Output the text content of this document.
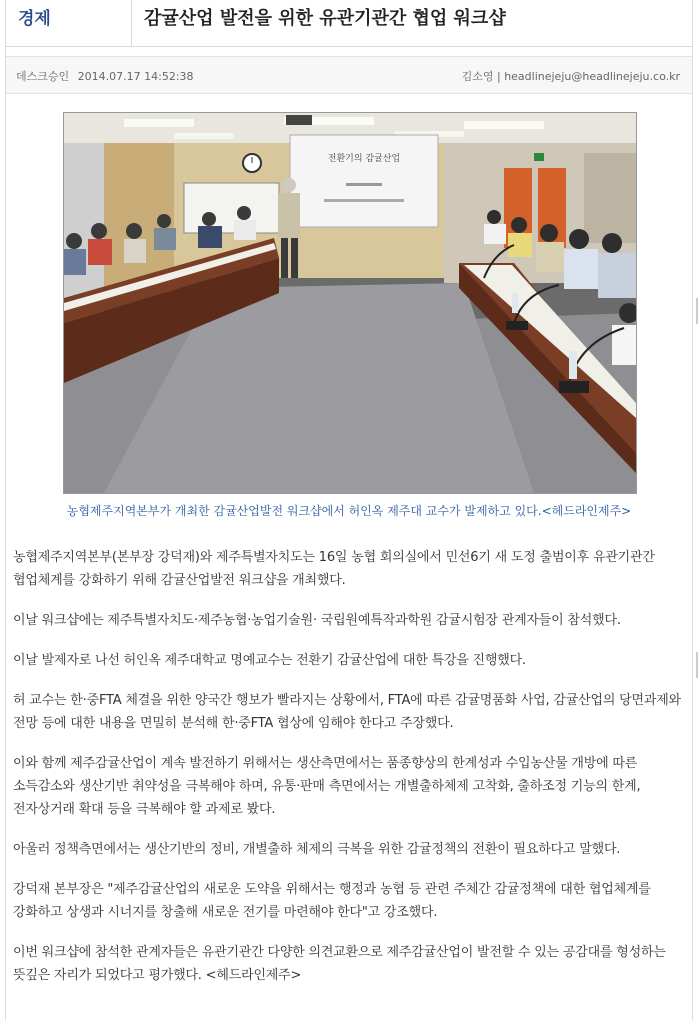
경제	감귤산업 발전을 위한 유관기관간 협업 워크샵
데스크승인 2014.07.17 14:52:38	김소영 | headlinejeju@headlinejeju.co.kr
전환기의 감귤산업
농협제주지역본부가 개최한 감귤산업발전 워크샵에서 허인옥 제주대 교수가 발제하고 있다.<헤드라인제주>

농협제주지역본부(본부장 강덕재)와 제주특별자치도는 16일 농협 회의실에서 민선6기 새 도정 출범이후 유관기관간 협업체계를 강화하기 위해 감귤산업발전 워크샵을 개최했다.

이날 워크샵에는 제주특별자치도·제주농협·농업기술원· 국립원예특작과학원 감귤시험장 관계자들이 참석했다.

이날 발제자로 나선 허인옥 제주대학교 명예교수는 전환기 감귤산업에 대한 특강을 진행했다.

허 교수는 한·중FTA 체결을 위한 양국간 행보가 빨라지는 상황에서, FTA에 따른 감귤명품화 사업, 감귤산업의 당면과제와 전망 등에 대한 내용을 면밀히 분석해 한·중FTA 협상에 임해야 한다고 주장했다.

이와 함께 제주감귤산업이 계속 발전하기 위해서는 생산측면에서는 품종향상의 한계성과 수입농산물 개방에 따른 소득감소와 생산기반 취약성을 극복해야 하며, 유통·판매 측면에서는 개별출하체제 고착화, 출하조정 기능의 한계, 전자상거래 확대 등을 극복해야 할 과제로 봤다.

아울러 정책측면에서는 생산기반의 정비, 개별출하 체제의 극복을 위한 감귤정책의 전환이 필요하다고 말했다.

강덕재 본부장은 "제주감귤산업의 새로운 도약을 위해서는 행정과 농협 등 관련 주체간 감귤정책에 대한 협업체계를 강화하고 상생과 시너지를 창출해 새로운 전기를 마련해야 한다"고 강조했다.

이번 워크샵에 참석한 관계자들은 유관기관간 다양한 의견교환으로 제주감귤산업이 발전할 수 있는 공감대를 형성하는 뜻깊은 자리가 되었다고 평가했다. <헤드라인제주>
